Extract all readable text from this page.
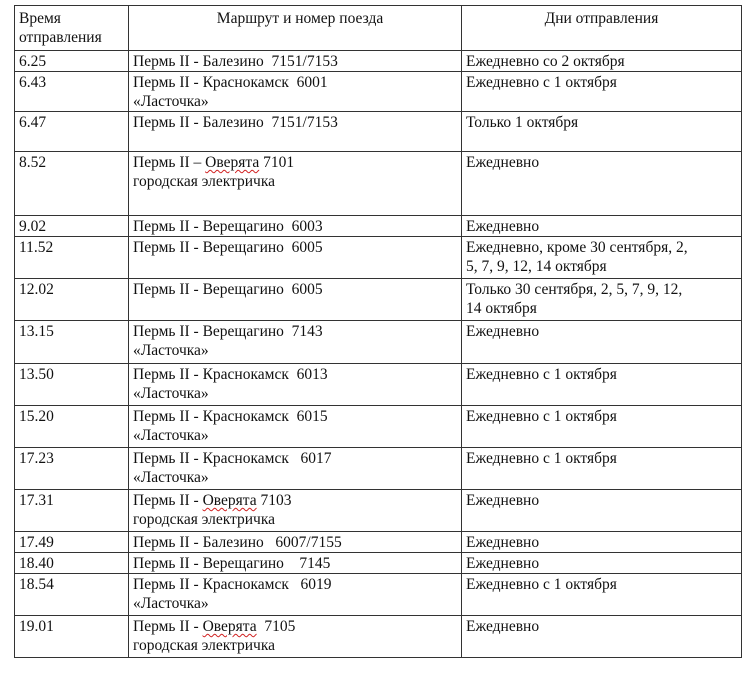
Время
отправления	Маршрут и номер поезда	Дни отправления
6.25	Пермь II - Балезино  7151/7153	Ежедневно со 2 октября

6.43	Пермь II - Краснокамск  6001
«Ласточка»	Ежедневно с 1 октября

6.47	Пермь II - Балезино  7151/7153	Только 1 октября

8.52	Пермь II – Оверята 7101
городская электричка	Ежедневно

9.02	Пермь II - Верещагино  6003	Ежедневно

11.52	Пермь II - Верещагино  6005	Ежедневно, кроме 30 сентября, 2,
5, 7, 9, 12, 14 октября

12.02	Пермь II - Верещагино  6005	Только 30 сентября, 2, 5, 7, 9, 12,
14 октября

13.15	Пермь II - Верещагино  7143
«Ласточка»	Ежедневно

13.50	Пермь II - Краснокамск  6013
«Ласточка»	Ежедневно с 1 октября

15.20	Пермь II - Краснокамск  6015
«Ласточка»	Ежедневно с 1 октября

17.23	Пермь II - Краснокамск   6017
«Ласточка»	Ежедневно с 1 октября

17.31	Пермь II - Оверята 7103
городская электричка	Ежедневно

17.49	Пермь II - Балезино   6007/7155	Ежедневно

18.40	Пермь II - Верещагино    7145	Ежедневно

18.54	Пермь II - Краснокамск   6019
«Ласточка»	Ежедневно с 1 октября

19.01	Пермь II - Оверята  7105
городская электричка	Ежедневно
